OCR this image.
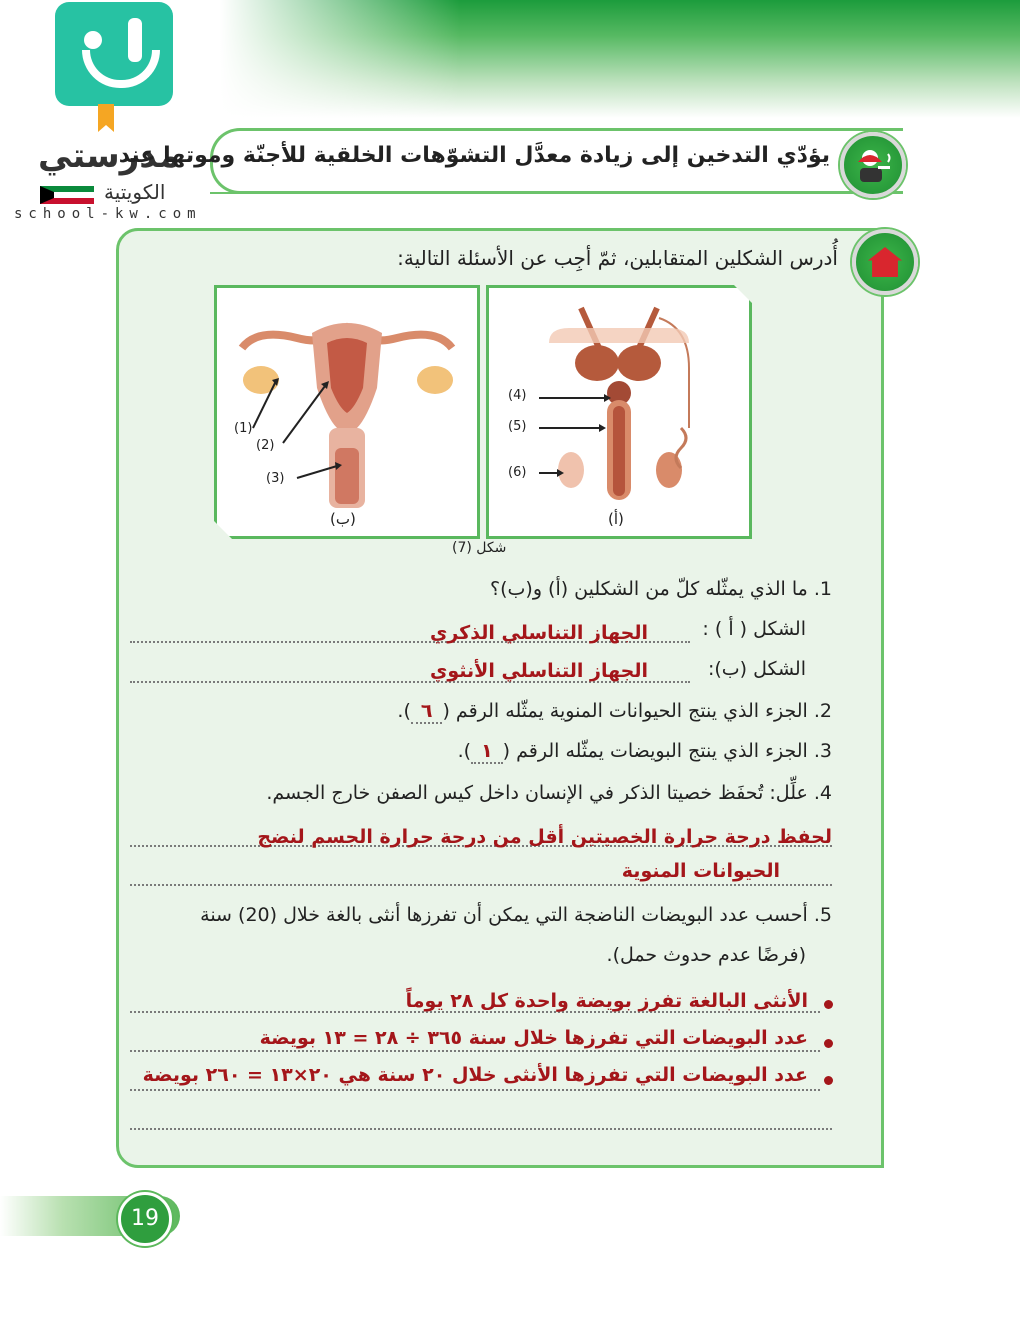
مدرستي
الكويتية
school-kw.com
يؤدّي التدخين إلى زيادة معدَّل التشوّهات الخلقية للأجنّة وموتها عند
أُدرس الشكلين المتقابلين، ثمّ أجِب عن الأسئلة التالية:
(4)
(5)
(6)
(أ)
(1)
(2)
(3)
(ب)
شكل (7)
1. ما الذي يمثّله كلّ من الشكلين (أ) و(ب)؟
الشكل ( أ ) :
الجهاز التناسلي الذكري
الشكل (ب):
الجهاز التناسلي الأنثوي
2. الجزء الذي ينتج الحيوانات المنوية يمثّله الرقم (٦).
3. الجزء الذي ينتج البويضات يمثّله الرقم (١).
4. علِّل: تُحفَظ خصيتا الذكر في الإنسان داخل كيس الصفن خارج الجسم.
لحفظ درجة حرارة الخصيتين أقل من درجة حرارة الجسم لنضج
الحيوانات المنوية
5. أحسب عدد البويضات الناضجة التي يمكن أن تفرزها أنثى بالغة خلال (20) سنة
(فرضًا عدم حدوث حمل).
الأنثى البالغة تفرز بويضة واحدة كل ٢٨ يوماً
عدد البويضات التي تفرزها خلال سنة ٣٦٥ ÷ ٢٨ = ١٣ بويضة
عدد البويضات التي تفرزها الأنثى خلال ٢٠ سنة هي ٢٠×١٣ = ٢٦٠ بويضة
19
